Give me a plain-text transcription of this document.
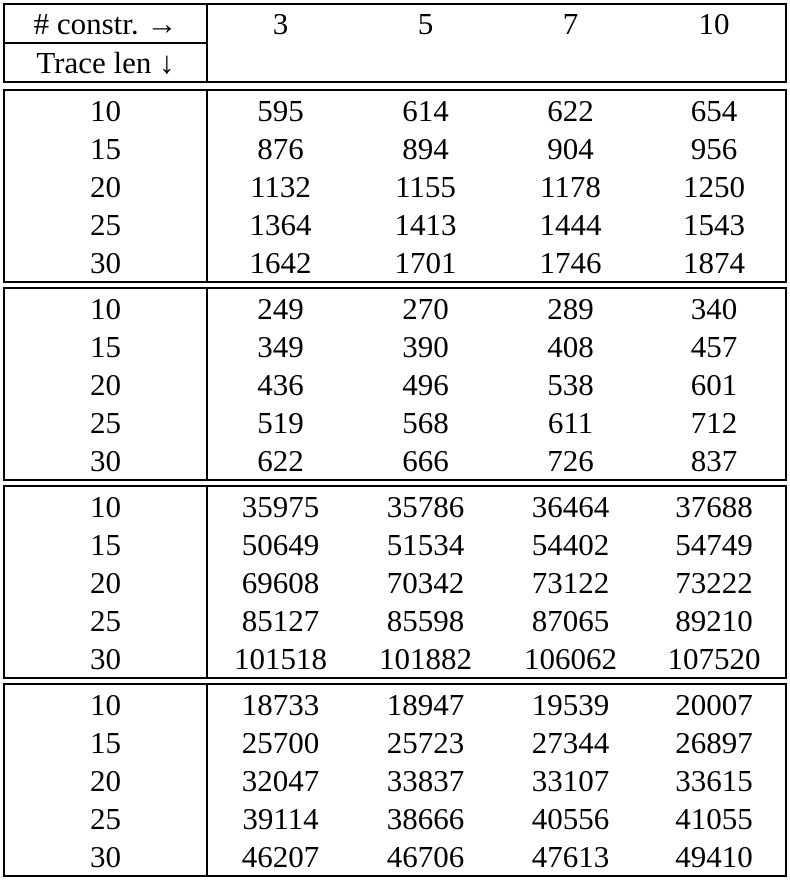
# constr. →	3	5	7	10
Trace len ↓
10	595	614	622	654
15	876	894	904	956
20	1132	1155	1178	1250
25	1364	1413	1444	1543
30	1642	1701	1746	1874
10	249	270	289	340
15	349	390	408	457
20	436	496	538	601
25	519	568	611	712
30	622	666	726	837
10	35975	35786	36464	37688
15	50649	51534	54402	54749
20	69608	70342	73122	73222
25	85127	85598	87065	89210
30	101518	101882	106062	107520
10	18733	18947	19539	20007
15	25700	25723	27344	26897
20	32047	33837	33107	33615
25	39114	38666	40556	41055
30	46207	46706	47613	49410
